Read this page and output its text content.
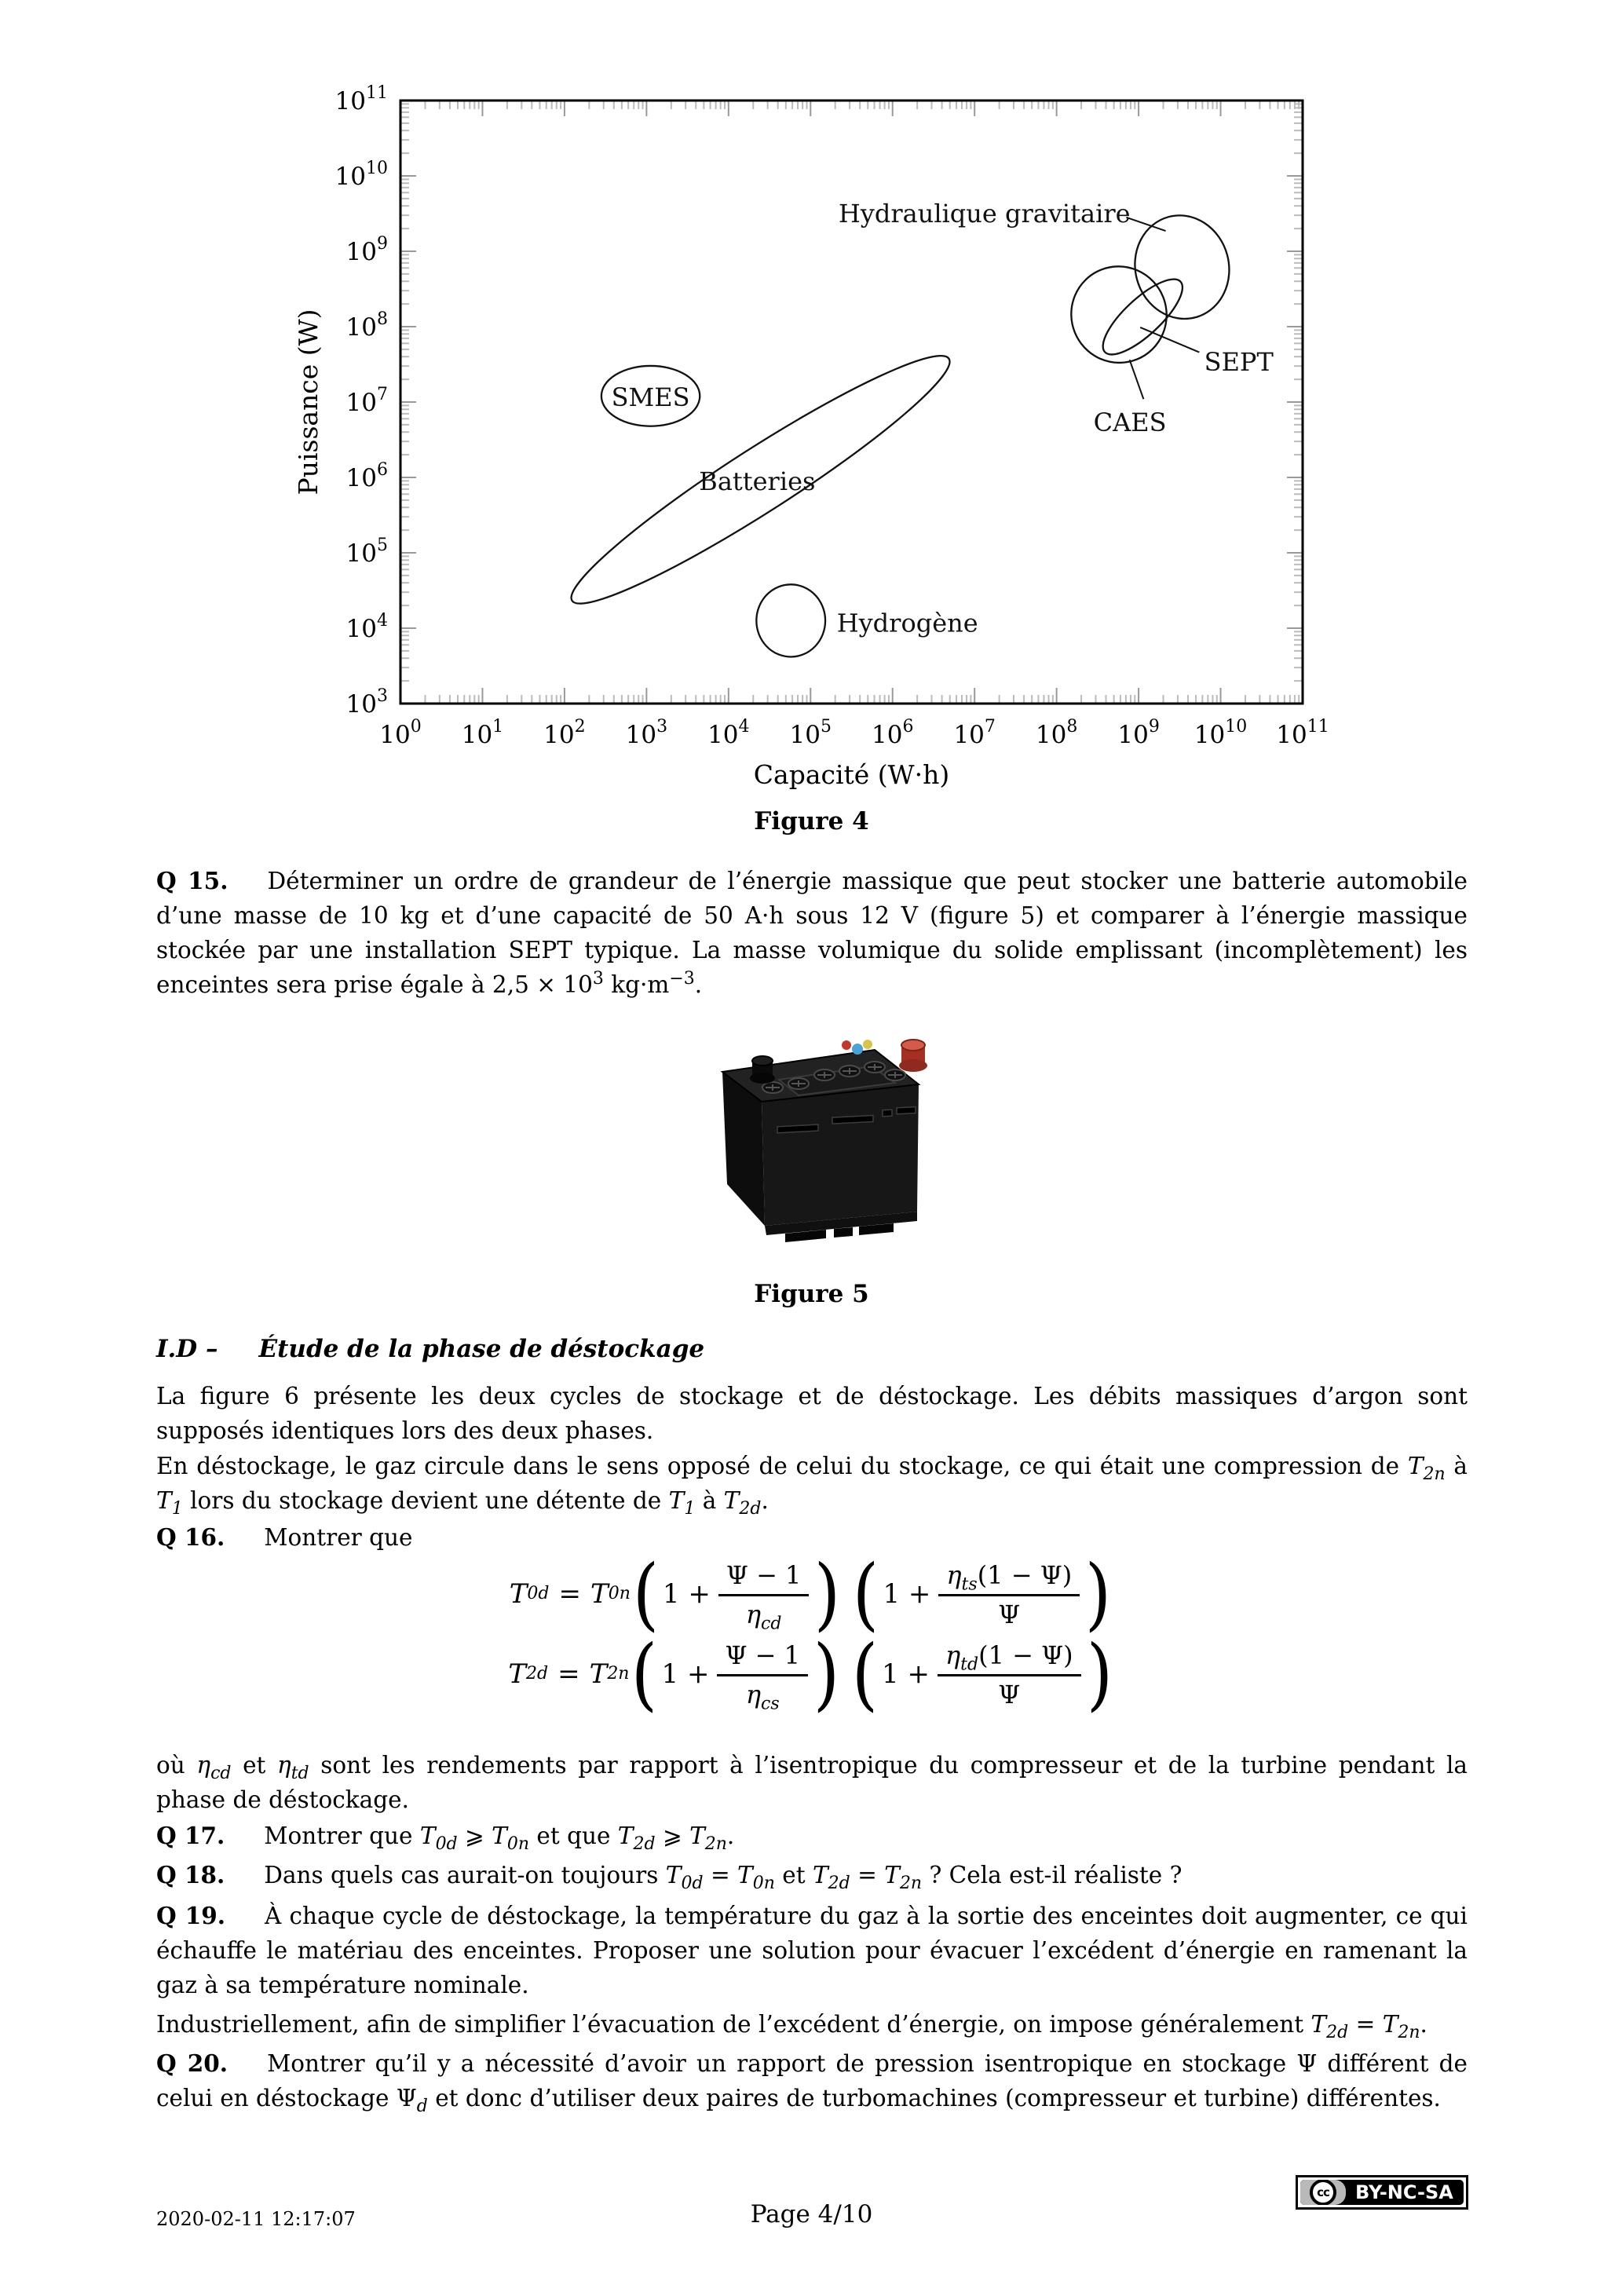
$10^0$ $10^1$ $10^2$ $10^3$ $10^4$ $10^5$ $10^6$ $10^7$ $10^8$ $10^9$ $10^{10}$ $10^{11}$
$10^3$
$10^4$
$10^5$
$10^6$
$10^7$
$10^8$
$10^9$
$10^{10}$
$10^{11}$
SMES
Batteries
Hydrogène
CAES
SEPT
Hydraulique gravitaire
Capacité (W·h)
Puissance (W)
Figure 4

Q 15. Déterminer un ordre de grandeur de l’énergie massique que peut stocker une batterie automobile d’une masse de 10 kg et d’une capacité de 50 A·h sous 12 V (figure 5) et comparer à l’énergie massique stockée par une installation SEPT typique. La masse volumique du solide emplissant (incomplètement) les enceintes sera prise égale à $2,5 \times 10^3$ $kg\cdot m^{-3}$.

Figure 5
I.D – Étude de la phase de déstockage

La figure 6 présente les deux cycles de stockage et de déstockage. Les débits massiques d’argon sont supposés identiques lors des deux phases.

En déstockage, le gaz circule dans le sens opposé de celui du stockage, ce qui était une compression de $T_{2n}$ à $T_1$ lors du stockage devient une détente de $T_1$ à $T_{2d}$.

Q 16. Montrer que

T 0d = T 0n ( $1 + \frac{\Psi - 1}{\eta_{cd}}$ ) ( $1 + \frac{\eta_{ts}(1 - \Psi)}{\Psi}$ )
T 2d = T 2n ( $1 + \frac{\Psi - 1}{\eta_{cs}}$ ) ( $1 + \frac{\eta_{td}(1 - \Psi)}{\Psi}$ )

où $\eta_{cd}$ et $\eta_{td}$ sont les rendements par rapport à l’isentropique du compresseur et de la turbine pendant la phase de déstockage.

Q 17. Montrer que $T_{0d}$ ⩾ $T_{0n}$ et que $T_{2d}$ ⩾ $T_{2n}$.

Q 18. Dans quels cas aurait-on toujours $T_{0d} = T_{0n}$ et $T_{2d} = T_{2n}$ ? Cela est-il réaliste ?

Q 19. À chaque cycle de déstockage, la température du gaz à la sortie des enceintes doit augmenter, ce qui échauffe le matériau des enceintes. Proposer une solution pour évacuer l’excédent d’énergie en ramenant la gaz à sa température nominale.

Industriellement, afin de simplifier l’évacuation de l’excédent d’énergie, on impose généralement $T_{2d} = T_{2n}$.

Q 20. Montrer qu’il y a nécessité d’avoir un rapport de pression isentropique en stockage Ψ différent de celui en déstockage $\Psi_d$ et donc d’utiliser deux paires de turbomachines (compresseur et turbine) différentes.

2020-02-11 12:17:07	Page 4/10
cc	BY-NC-SA
